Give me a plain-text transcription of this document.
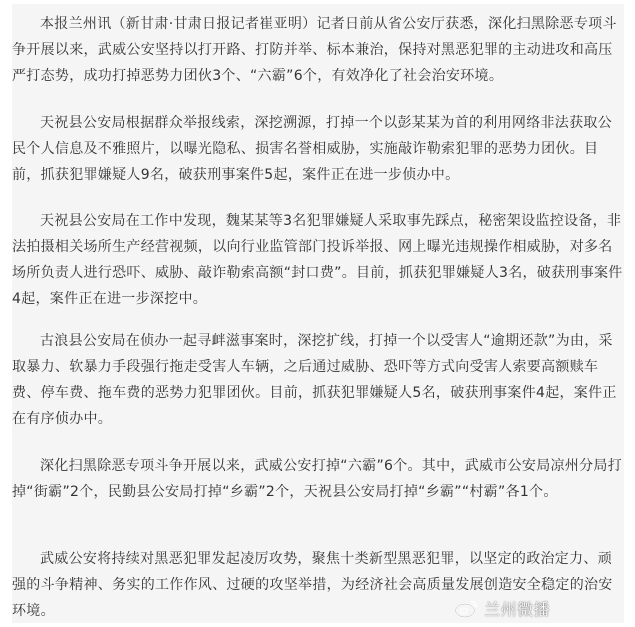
本报兰州讯（新甘肃·甘肃日报记者崔亚明）记者日前从省公安厅获悉，深化扫黑除恶专项斗争开展以来，武威公安坚持以打开路、打防并举、标本兼治，保持对黑恶犯罪的主动进攻和高压严打态势，成功打掉恶势力团伙3个、“六霸”6个，有效净化了社会治安环境。

天祝县公安局根据群众举报线索，深挖溯源，打掉一个以彭某某为首的利用网络非法获取公民个人信息及不雅照片，以曝光隐私、损害名誉相威胁，实施敲诈勒索犯罪的恶势力团伙。目前，抓获犯罪嫌疑人9名，破获刑事案件5起，案件正在进一步侦办中。

天祝县公安局在工作中发现，魏某某等3名犯罪嫌疑人采取事先踩点，秘密架设监控设备，非法拍摄相关场所生产经营视频，以向行业监管部门投诉举报、网上曝光违规操作相威胁，对多名场所负责人进行恐吓、威胁、敲诈勒索高额“封口费”。目前，抓获犯罪嫌疑人3名，破获刑事案件4起，案件正在进一步深挖中。

古浪县公安局在侦办一起寻衅滋事案时，深挖扩线，打掉一个以受害人“逾期还款”为由，采取暴力、软暴力手段强行拖走受害人车辆，之后通过威胁、恐吓等方式向受害人索要高额赎车费、停车费、拖车费的恶势力犯罪团伙。目前，抓获犯罪嫌疑人5名，破获刑事案件4起，案件正在有序侦办中。

深化扫黑除恶专项斗争开展以来，武威公安打掉“六霸”6个。其中，武威市公安局凉州分局打掉“街霸”2个，民勤县公安局打掉“乡霸”2个，天祝县公安局打掉“乡霸”“村霸”各1个。

武威公安将持续对黑恶犯罪发起凌厉攻势，聚焦十类新型黑恶犯罪，以坚定的政治定力、顽强的斗争精神、务实的工作作风、过硬的攻坚举措，为经济社会高质量发展创造安全稳定的治安环境。	兰州微播
